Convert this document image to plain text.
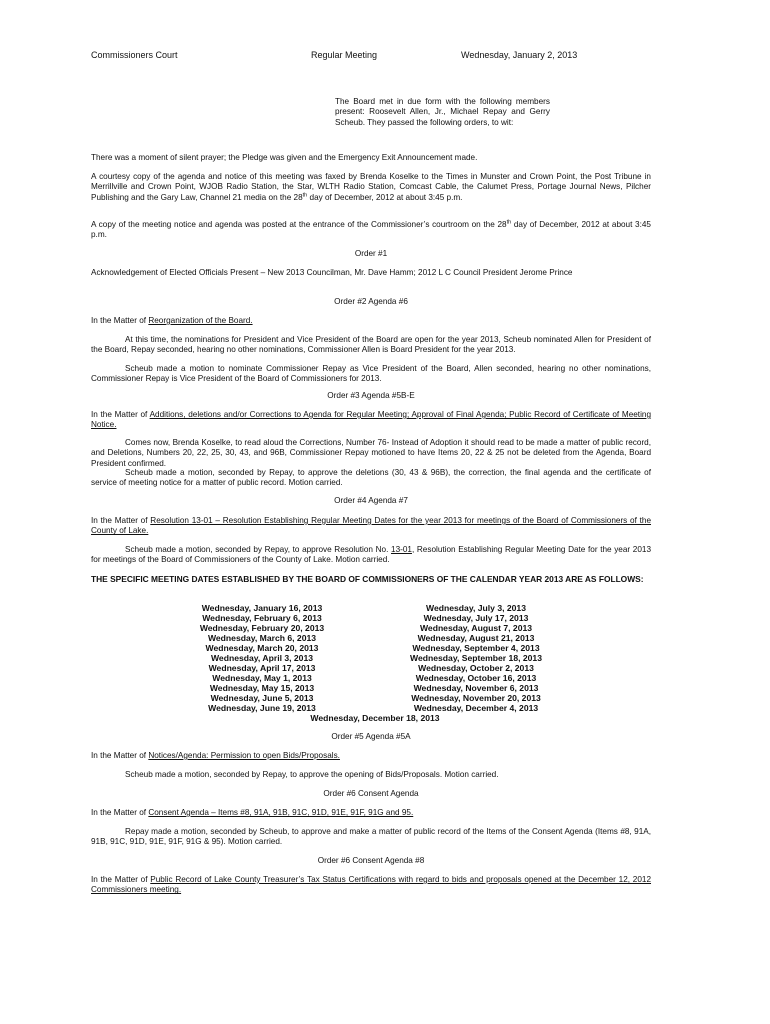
Commissioners Court	Regular Meeting	Wednesday, January 2, 2013

The Board met in due form with the following members present: Roosevelt Allen, Jr., Michael Repay and Gerry Scheub. They passed the following orders, to wit:

There was a moment of silent prayer; the Pledge was given and the Emergency Exit Announcement made.

A courtesy copy of the agenda and notice of this meeting was faxed by Brenda Koselke to the Times in Munster and Crown Point, the Post Tribune in Merrillville and Crown Point, WJOB Radio Station, the Star, WLTH Radio Station, Comcast Cable, the Calumet Press, Portage Journal News, Pilcher Publishing and the Gary Law, Channel 21 media on the 28th day of December, 2012 at about 3:45 p.m.

A copy of the meeting notice and agenda was posted at the entrance of the Commissioner’s courtroom on the 28th day of December, 2012 at about 3:45 p.m.

Order #1

Acknowledgement of Elected Officials Present – New 2013 Councilman, Mr. Dave Hamm; 2012 L C Council President Jerome Prince

Order #2 Agenda #6

In the Matter of Reorganization of the Board.

At this time, the nominations for President and Vice President of the Board are open for the year 2013, Scheub nominated Allen for President of the Board, Repay seconded, hearing no other nominations, Commissioner Allen is Board President for the year 2013.

Scheub made a motion to nominate Commissioner Repay as Vice President of the Board, Allen seconded, hearing no other nominations, Commissioner Repay is Vice President of the Board of Commissioners for 2013.

Order #3 Agenda #5B-E

In the Matter of Additions, deletions and/or Corrections to Agenda for Regular Meeting; Approval of Final Agenda; Public Record of Certificate of Meeting Notice.

Comes now, Brenda Koselke, to read aloud the Corrections, Number 76- Instead of Adoption it should read to be made a matter of public record, and Deletions, Numbers 20, 22, 25, 30, 43, and 96B, Commissioner Repay motioned to have Items 20, 22 & 25 not be deleted from the Agenda, Board President confirmed.

Scheub made a motion, seconded by Repay, to approve the deletions (30, 43 & 96B), the correction, the final agenda and the certificate of service of meeting notice for a matter of public record. Motion carried.

Order #4 Agenda #7

In the Matter of Resolution 13-01 – Resolution Establishing Regular Meeting Dates for the year 2013 for meetings of the Board of Commissioners of the County of Lake.

Scheub made a motion, seconded by Repay, to approve Resolution No. 13-01, Resolution Establishing Regular Meeting Date for the year 2013 for meetings of the Board of Commissioners of the County of Lake. Motion carried.

THE SPECIFIC MEETING DATES ESTABLISHED BY THE BOARD OF COMMISSIONERS OF THE CALENDAR YEAR 2013 ARE AS FOLLOWS:

Wednesday, January 16, 2013
Wednesday, February 6, 2013
Wednesday, February 20, 2013
Wednesday, March 6, 2013
Wednesday, March 20, 2013
Wednesday, April 3, 2013
Wednesday, April 17, 2013
Wednesday, May 1, 2013
Wednesday, May 15, 2013
Wednesday, June 5, 2013
Wednesday, June 19, 2013
Wednesday, July 3, 2013
Wednesday, July 17, 2013
Wednesday, August 7, 2013
Wednesday, August 21, 2013
Wednesday, September 4, 2013
Wednesday, September 18, 2013
Wednesday, October 2, 2013
Wednesday, October 16, 2013
Wednesday, November 6, 2013
Wednesday, November 20, 2013
Wednesday, December 4, 2013
Wednesday, December 18, 2013

Order #5 Agenda #5A

In the Matter of Notices/Agenda: Permission to open Bids/Proposals.

Scheub made a motion, seconded by Repay, to approve the opening of Bids/Proposals. Motion carried.

Order #6 Consent Agenda

In the Matter of Consent Agenda – Items #8, 91A, 91B, 91C, 91D, 91E, 91F, 91G and 95.

Repay made a motion, seconded by Scheub, to approve and make a matter of public record of the Items of the Consent Agenda (Items #8, 91A, 91B, 91C, 91D, 91E, 91F, 91G & 95). Motion carried.

Order #6 Consent Agenda #8

In the Matter of Public Record of Lake County Treasurer’s Tax Status Certifications with regard to bids and proposals opened at the December 12, 2012 Commissioners meeting.
